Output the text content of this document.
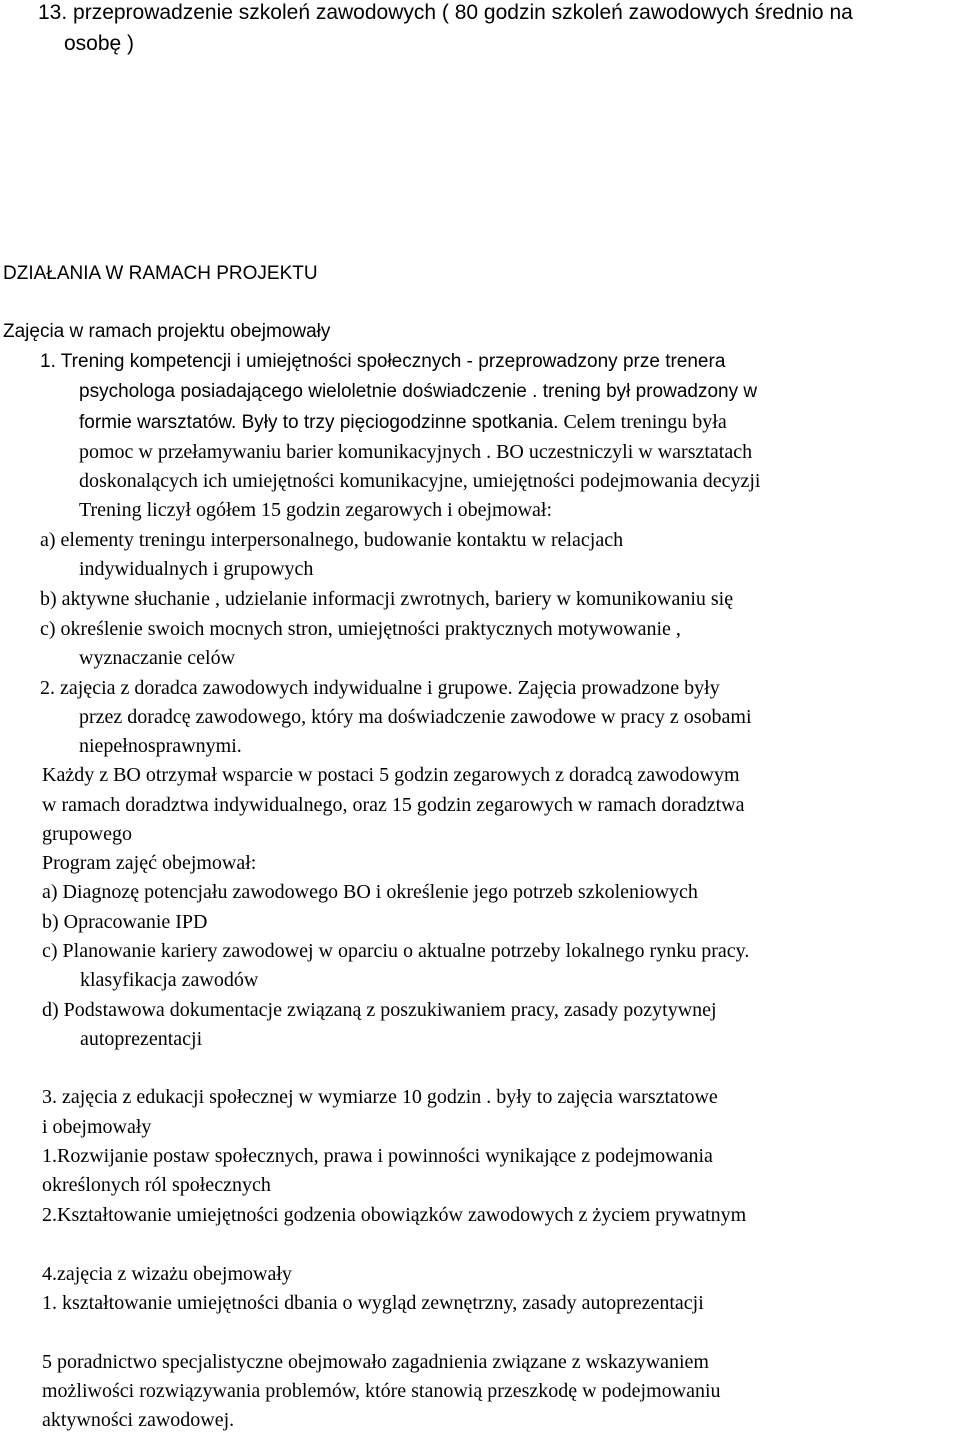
13. przeprowadzenie szkoleń zawodowych ( 80 godzin szkoleń zawodowych średnio na
osobę )
DZIAŁANIA W RAMACH PROJEKTU
Zajęcia w ramach projektu obejmowały
1. Trening kompetencji i umiejętności społecznych - przeprowadzony prze trenera
psychologa posiadającego wieloletnie doświadczenie . trening był prowadzony w
formie warsztatów. Były to trzy pięciogodzinne spotkania. Celem treningu była
pomoc w przełamywaniu barier komunikacyjnych . BO uczestniczyli w warsztatach
doskonalących ich umiejętności komunikacyjne, umiejętności podejmowania decyzji
Trening liczył ogółem 15 godzin zegarowych i obejmował:
a) elementy treningu interpersonalnego, budowanie kontaktu w relacjach
indywidualnych i grupowych
b) aktywne słuchanie , udzielanie informacji zwrotnych, bariery w komunikowaniu się
c) określenie swoich mocnych stron, umiejętności praktycznych motywowanie ,
wyznaczanie celów
2. zajęcia z doradca zawodowych indywidualne i grupowe. Zajęcia prowadzone były
przez doradcę zawodowego, który ma doświadczenie zawodowe w pracy z osobami
niepełnosprawnymi.
Każdy z BO otrzymał wsparcie w postaci 5 godzin zegarowych z doradcą zawodowym
w ramach doradztwa indywidualnego, oraz 15 godzin zegarowych w ramach doradztwa
grupowego
Program zajęć obejmował:
a) Diagnozę potencjału zawodowego BO i określenie jego potrzeb szkoleniowych
b) Opracowanie IPD
c) Planowanie kariery zawodowej w oparciu o aktualne potrzeby lokalnego rynku pracy.
klasyfikacja zawodów
d) Podstawowa dokumentacje związaną z poszukiwaniem pracy, zasady pozytywnej
autoprezentacji
3. zajęcia z edukacji społecznej w wymiarze 10 godzin . były to zajęcia warsztatowe
i obejmowały
1.Rozwijanie postaw społecznych, prawa i powinności wynikające z podejmowania
określonych ról społecznych
2.Kształtowanie umiejętności godzenia obowiązków zawodowych z życiem prywatnym
4.zajęcia z wizażu obejmowały
1. kształtowanie umiejętności dbania o wygląd zewnętrzny, zasady autoprezentacji
5 poradnictwo specjalistyczne obejmowało zagadnienia związane z wskazywaniem
możliwości rozwiązywania problemów, które stanowią przeszkodę w podejmowaniu
aktywności zawodowej.
